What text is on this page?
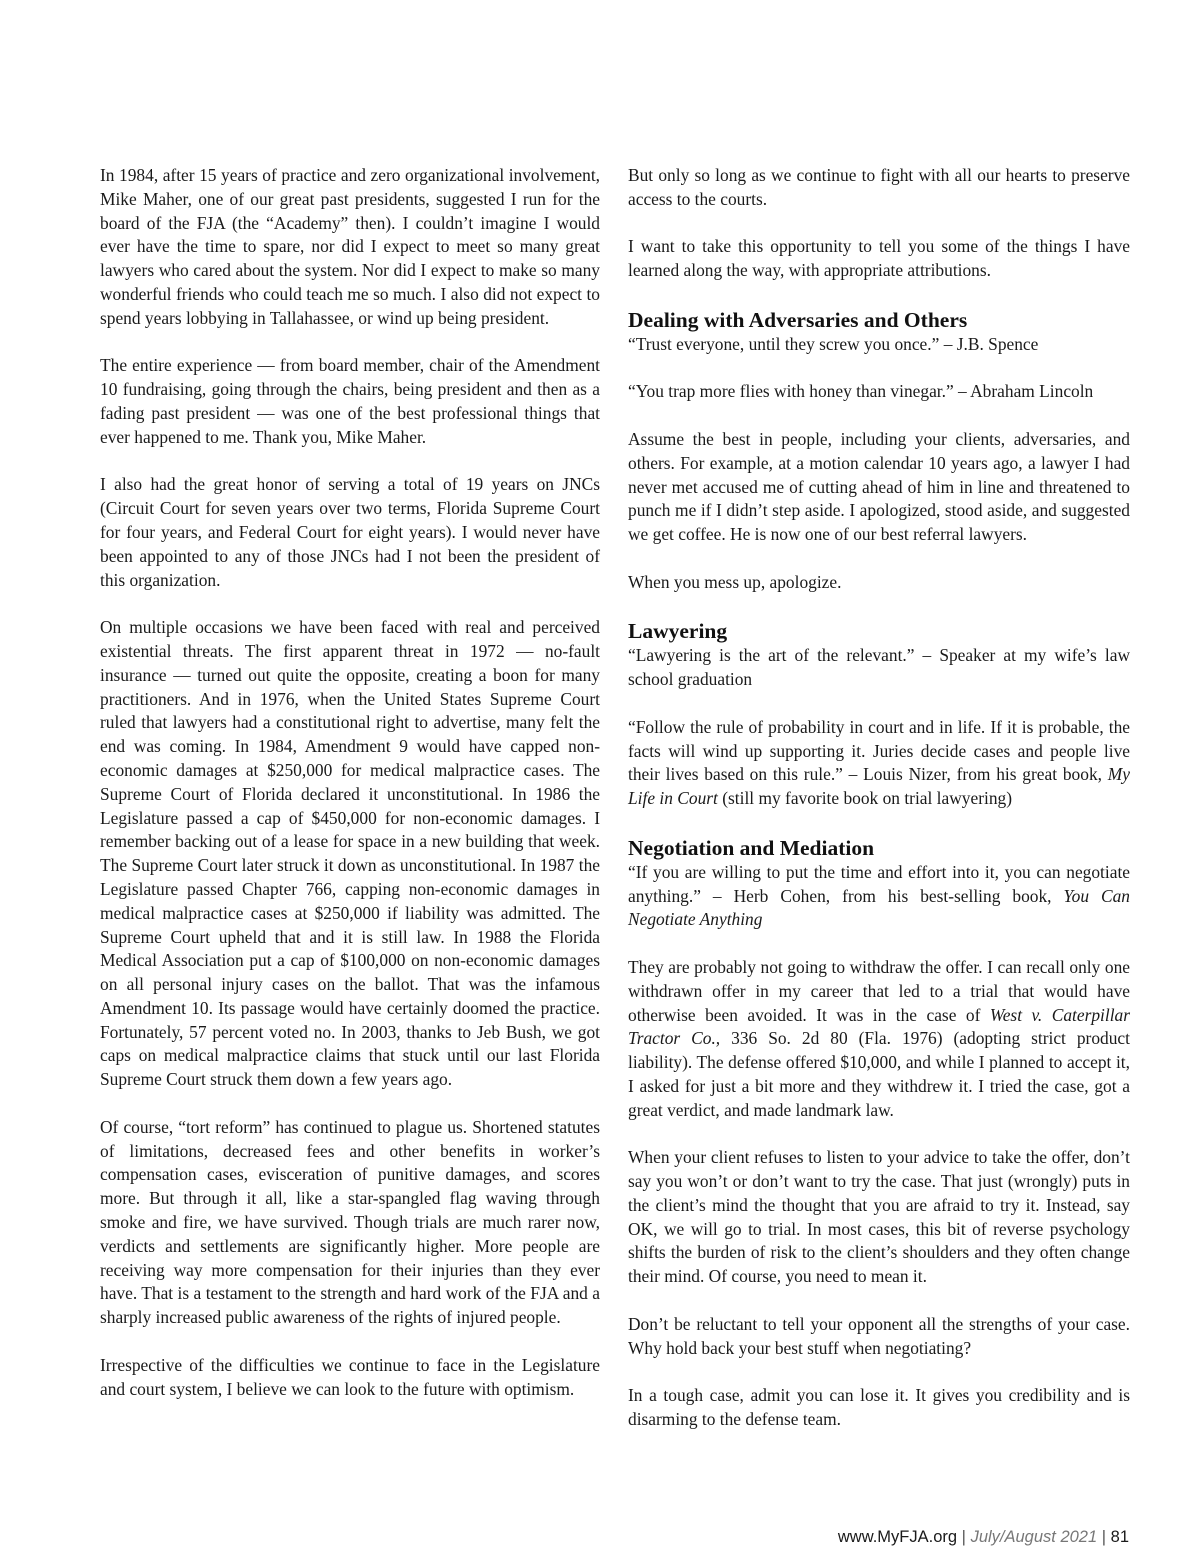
In 1984, after 15 years of practice and zero organizational involvement, Mike Maher, one of our great past presidents, suggested I run for the board of the FJA (the “Academy” then). I couldn’t imagine I would ever have the time to spare, nor did I expect to meet so many great lawyers who cared about the system. Nor did I expect to make so many wonderful friends who could teach me so much. I also did not expect to spend years lobbying in Tallahassee, or wind up being president.

The entire experience — from board member, chair of the Amendment 10 fundraising, going through the chairs, being president and then as a fading past president — was one of the best professional things that ever happened to me. Thank you, Mike Maher.

I also had the great honor of serving a total of 19 years on JNCs (Circuit Court for seven years over two terms, Florida Supreme Court for four years, and Federal Court for eight years). I would never have been appointed to any of those JNCs had I not been the president of this organization.

On multiple occasions we have been faced with real and perceived existential threats. The first apparent threat in 1972 — no-fault insurance — turned out quite the opposite, creating a boon for many practitioners. And in 1976, when the United States Supreme Court ruled that lawyers had a constitutional right to advertise, many felt the end was coming. In 1984, Amendment 9 would have capped non-economic damages at $250,000 for medical malpractice cases. The Supreme Court of Florida declared it unconstitutional. In 1986 the Legislature passed a cap of $450,000 for non-economic damages. I remember backing out of a lease for space in a new building that week. The Supreme Court later struck it down as unconstitutional. In 1987 the Legislature passed Chapter 766, capping non-economic damages in medical malpractice cases at $250,000 if liability was admitted. The Supreme Court upheld that and it is still law. In 1988 the Florida Medical Association put a cap of $100,000 on non-economic damages on all personal injury cases on the ballot. That was the infamous Amendment 10. Its passage would have certainly doomed the practice. Fortunately, 57 percent voted no. In 2003, thanks to Jeb Bush, we got caps on medical malpractice claims that stuck until our last Florida Supreme Court struck them down a few years ago.

Of course, “tort reform” has continued to plague us. Shortened statutes of limitations, decreased fees and other benefits in worker’s compensation cases, evisceration of punitive damages, and scores more. But through it all, like a star-spangled flag waving through smoke and fire, we have survived. Though trials are much rarer now, verdicts and settlements are significantly higher. More people are receiving way more compensation for their injuries than they ever have. That is a testament to the strength and hard work of the FJA and a sharply increased public awareness of the rights of injured people.

Irrespective of the difficulties we continue to face in the Legislature and court system, I believe we can look to the future with optimism.

But only so long as we continue to fight with all our hearts to preserve access to the courts.

I want to take this opportunity to tell you some of the things I have learned along the way, with appropriate attributions.

Dealing with Adversaries and Others

“Trust everyone, until they screw you once.” – J.B. Spence

“You trap more flies with honey than vinegar.” – Abraham Lincoln

Assume the best in people, including your clients, adversaries, and others. For example, at a motion calendar 10 years ago, a lawyer I had never met accused me of cutting ahead of him in line and threatened to punch me if I didn’t step aside. I apologized, stood aside, and suggested we get coffee. He is now one of our best referral lawyers.

When you mess up, apologize.

Lawyering

“Lawyering is the art of the relevant.” – Speaker at my wife’s law school graduation

“Follow the rule of probability in court and in life. If it is probable, the facts will wind up supporting it. Juries decide cases and people live their lives based on this rule.” – Louis Nizer, from his great book, My Life in Court (still my favorite book on trial lawyering)

Negotiation and Mediation

“If you are willing to put the time and effort into it, you can negotiate anything.” – Herb Cohen, from his best-selling book, You Can Negotiate Anything

They are probably not going to withdraw the offer. I can recall only one withdrawn offer in my career that led to a trial that would have otherwise been avoided. It was in the case of West v. Caterpillar Tractor Co., 336 So. 2d 80 (Fla. 1976) (adopting strict product liability). The defense offered $10,000, and while I planned to accept it, I asked for just a bit more and they withdrew it. I tried the case, got a great verdict, and made landmark law.

When your client refuses to listen to your advice to take the offer, don’t say you won’t or don’t want to try the case. That just (wrongly) puts in the client’s mind the thought that you are afraid to try it. Instead, say OK, we will go to trial. In most cases, this bit of reverse psychology shifts the burden of risk to the client’s shoulders and they often change their mind. Of course, you need to mean it.

Don’t be reluctant to tell your opponent all the strengths of your case. Why hold back your best stuff when negotiating?

In a tough case, admit you can lose it. It gives you credibility and is disarming to the defense team.

www.MyFJA.org | July/August 2021 | 81
